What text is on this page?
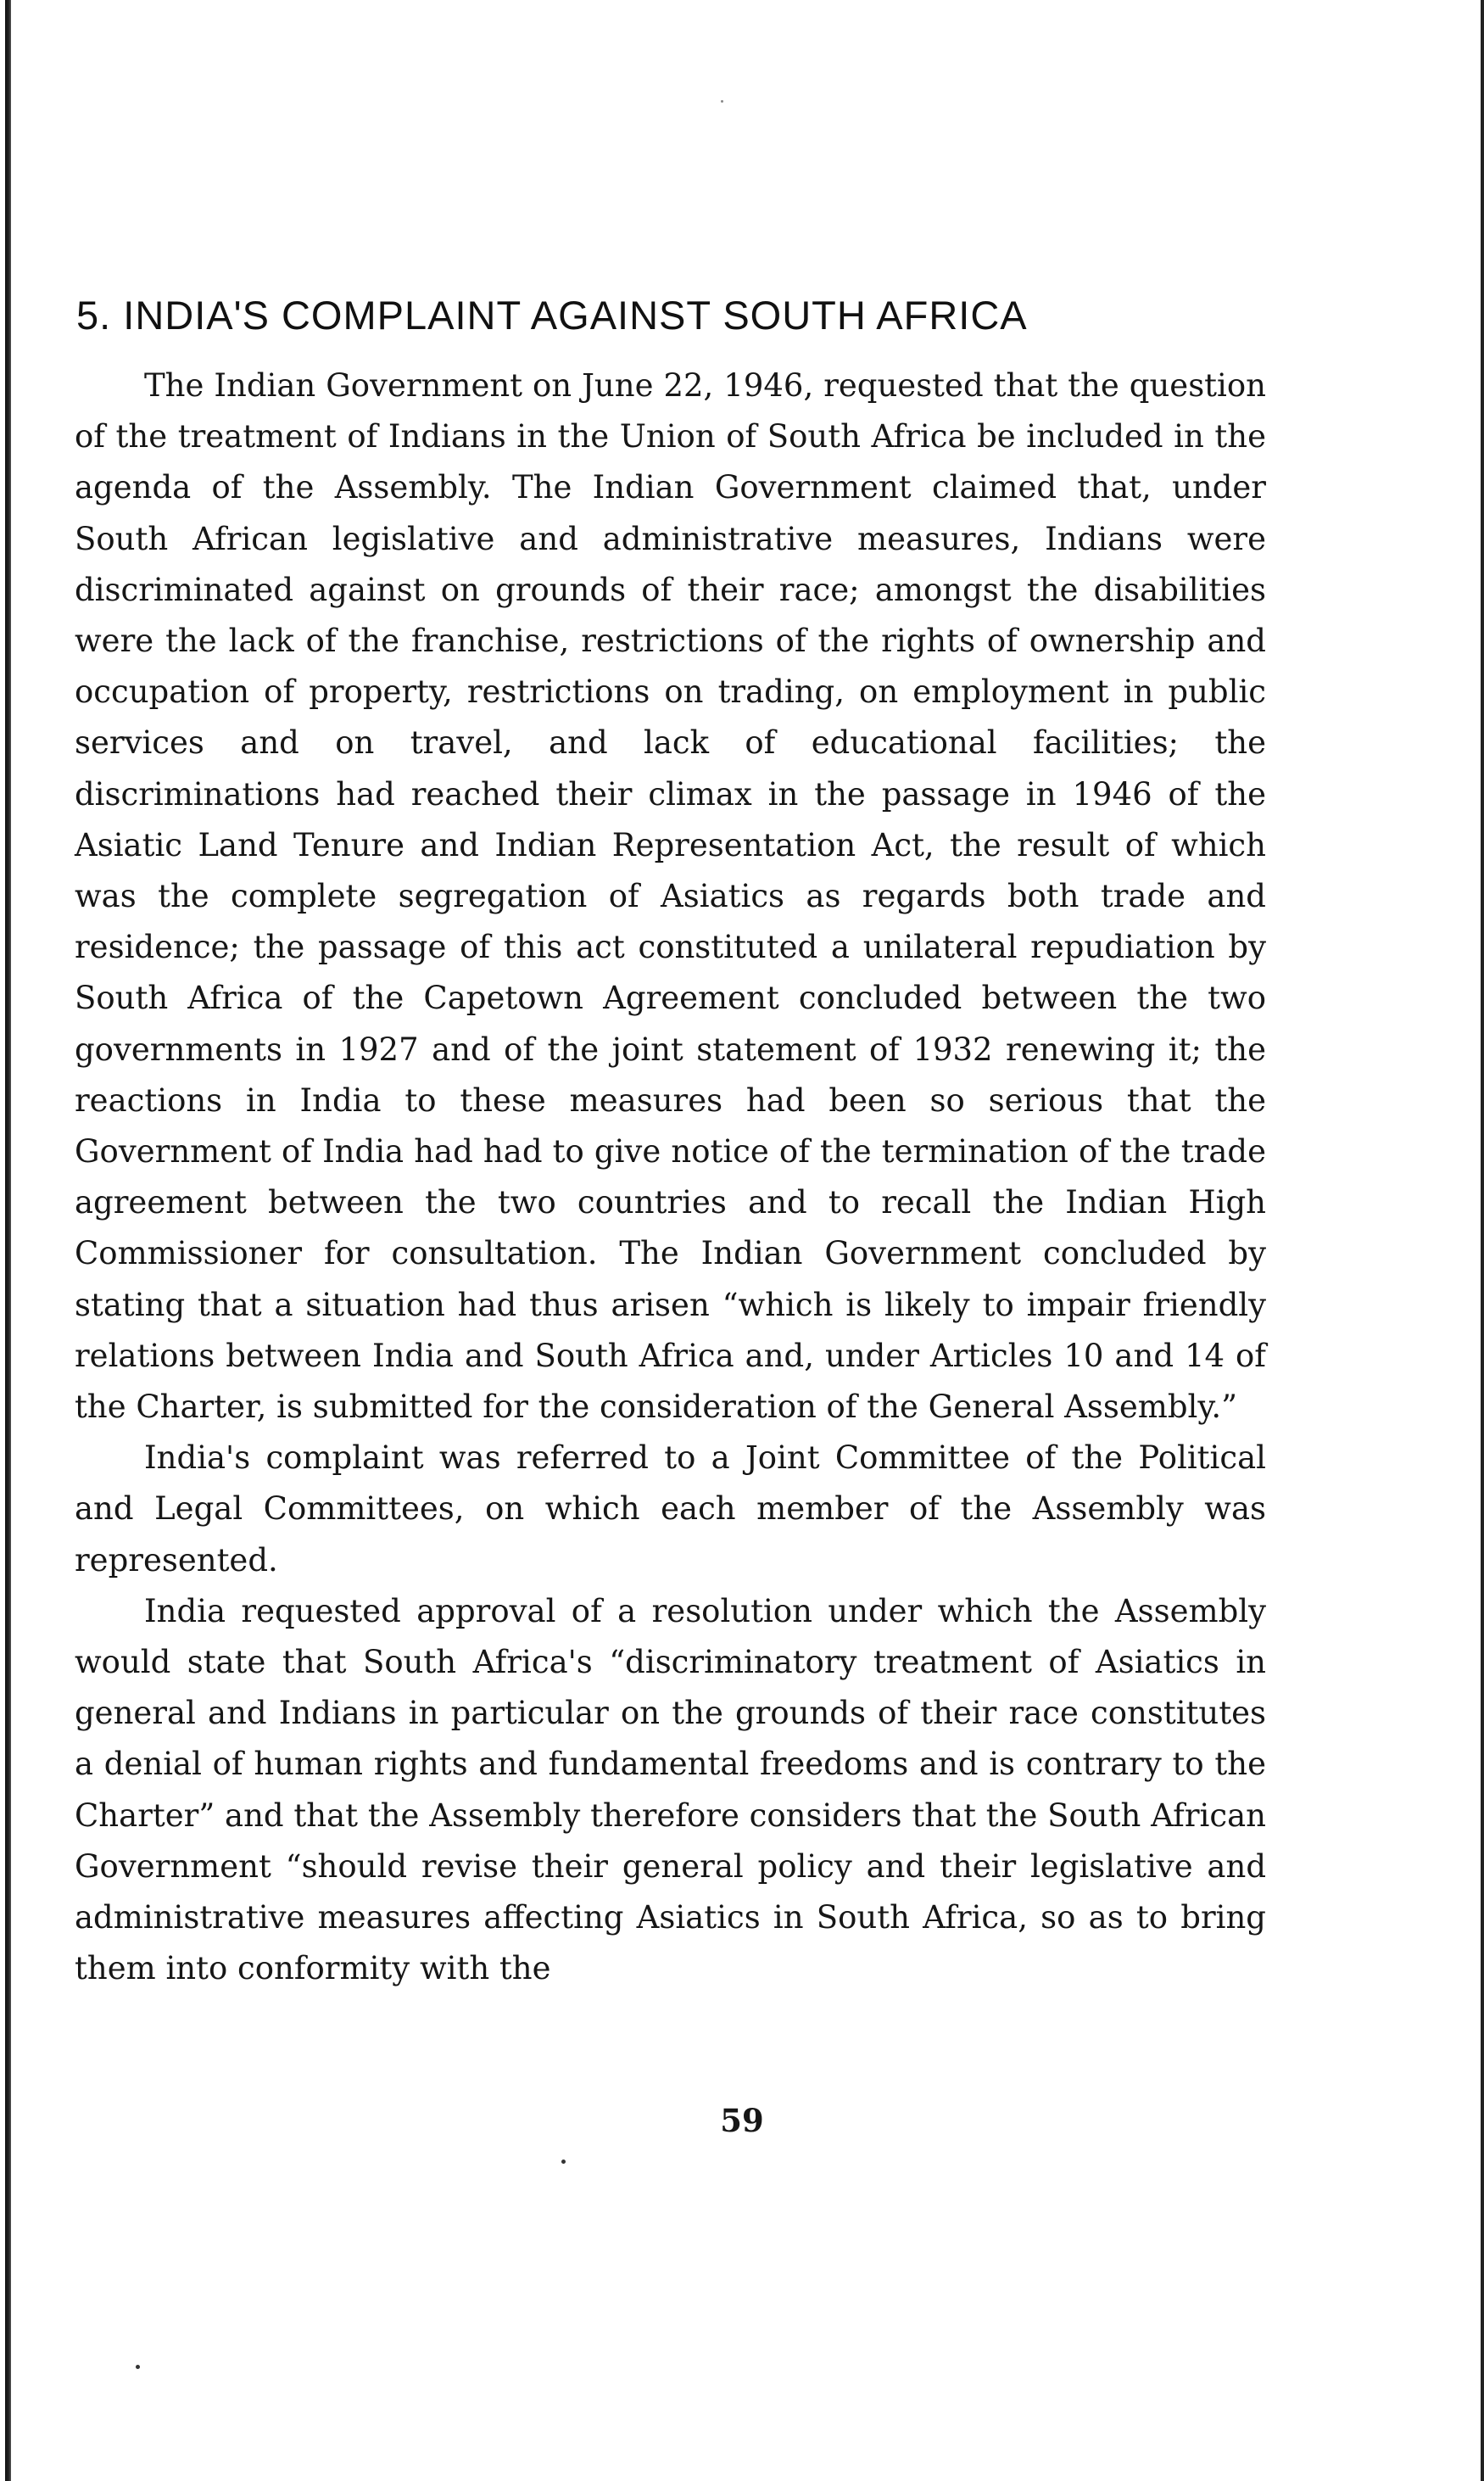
5. INDIA'S COMPLAINT AGAINST SOUTH AFRICA

The Indian Government on June 22, 1946, requested that the question of the treatment of Indians in the Union of South Africa be included in the agenda of the Assembly. The Indian Government claimed that, under South African legislative and administrative measures, Indians were discriminated against on grounds of their race; amongst the disabilities were the lack of the franchise, restrictions of the rights of ownership and occupation of property, restrictions on trading, on employment in public services and on travel, and lack of educational facilities; the discriminations had reached their climax in the passage in 1946 of the Asiatic Land Tenure and Indian Representation Act, the result of which was the complete segregation of Asiatics as regards both trade and residence; the passage of this act constituted a unilateral repudiation by South Africa of the Capetown Agreement concluded between the two governments in 1927 and of the joint statement of 1932 renewing it; the reactions in India to these measures had been so serious that the Government of India had had to give notice of the termination of the trade agreement between the two countries and to recall the Indian High Commissioner for consultation. The Indian Government concluded by stating that a situation had thus arisen “which is likely to impair friendly relations between India and South Africa and, under Articles 10 and 14 of the Charter, is submitted for the consideration of the General Assembly.”

India's complaint was referred to a Joint Committee of the Political and Legal Committees, on which each member of the Assembly was represented.

India requested approval of a resolution under which the Assembly would state that South Africa's “discriminatory treatment of Asiatics in general and Indians in particular on the grounds of their race constitutes a denial of human rights and fundamental freedoms and is contrary to the Charter” and that the Assembly therefore considers that the South African Government “should revise their general policy and their legislative and administrative measures affecting Asiatics in South Africa, so as to bring them into conformity with the

59
